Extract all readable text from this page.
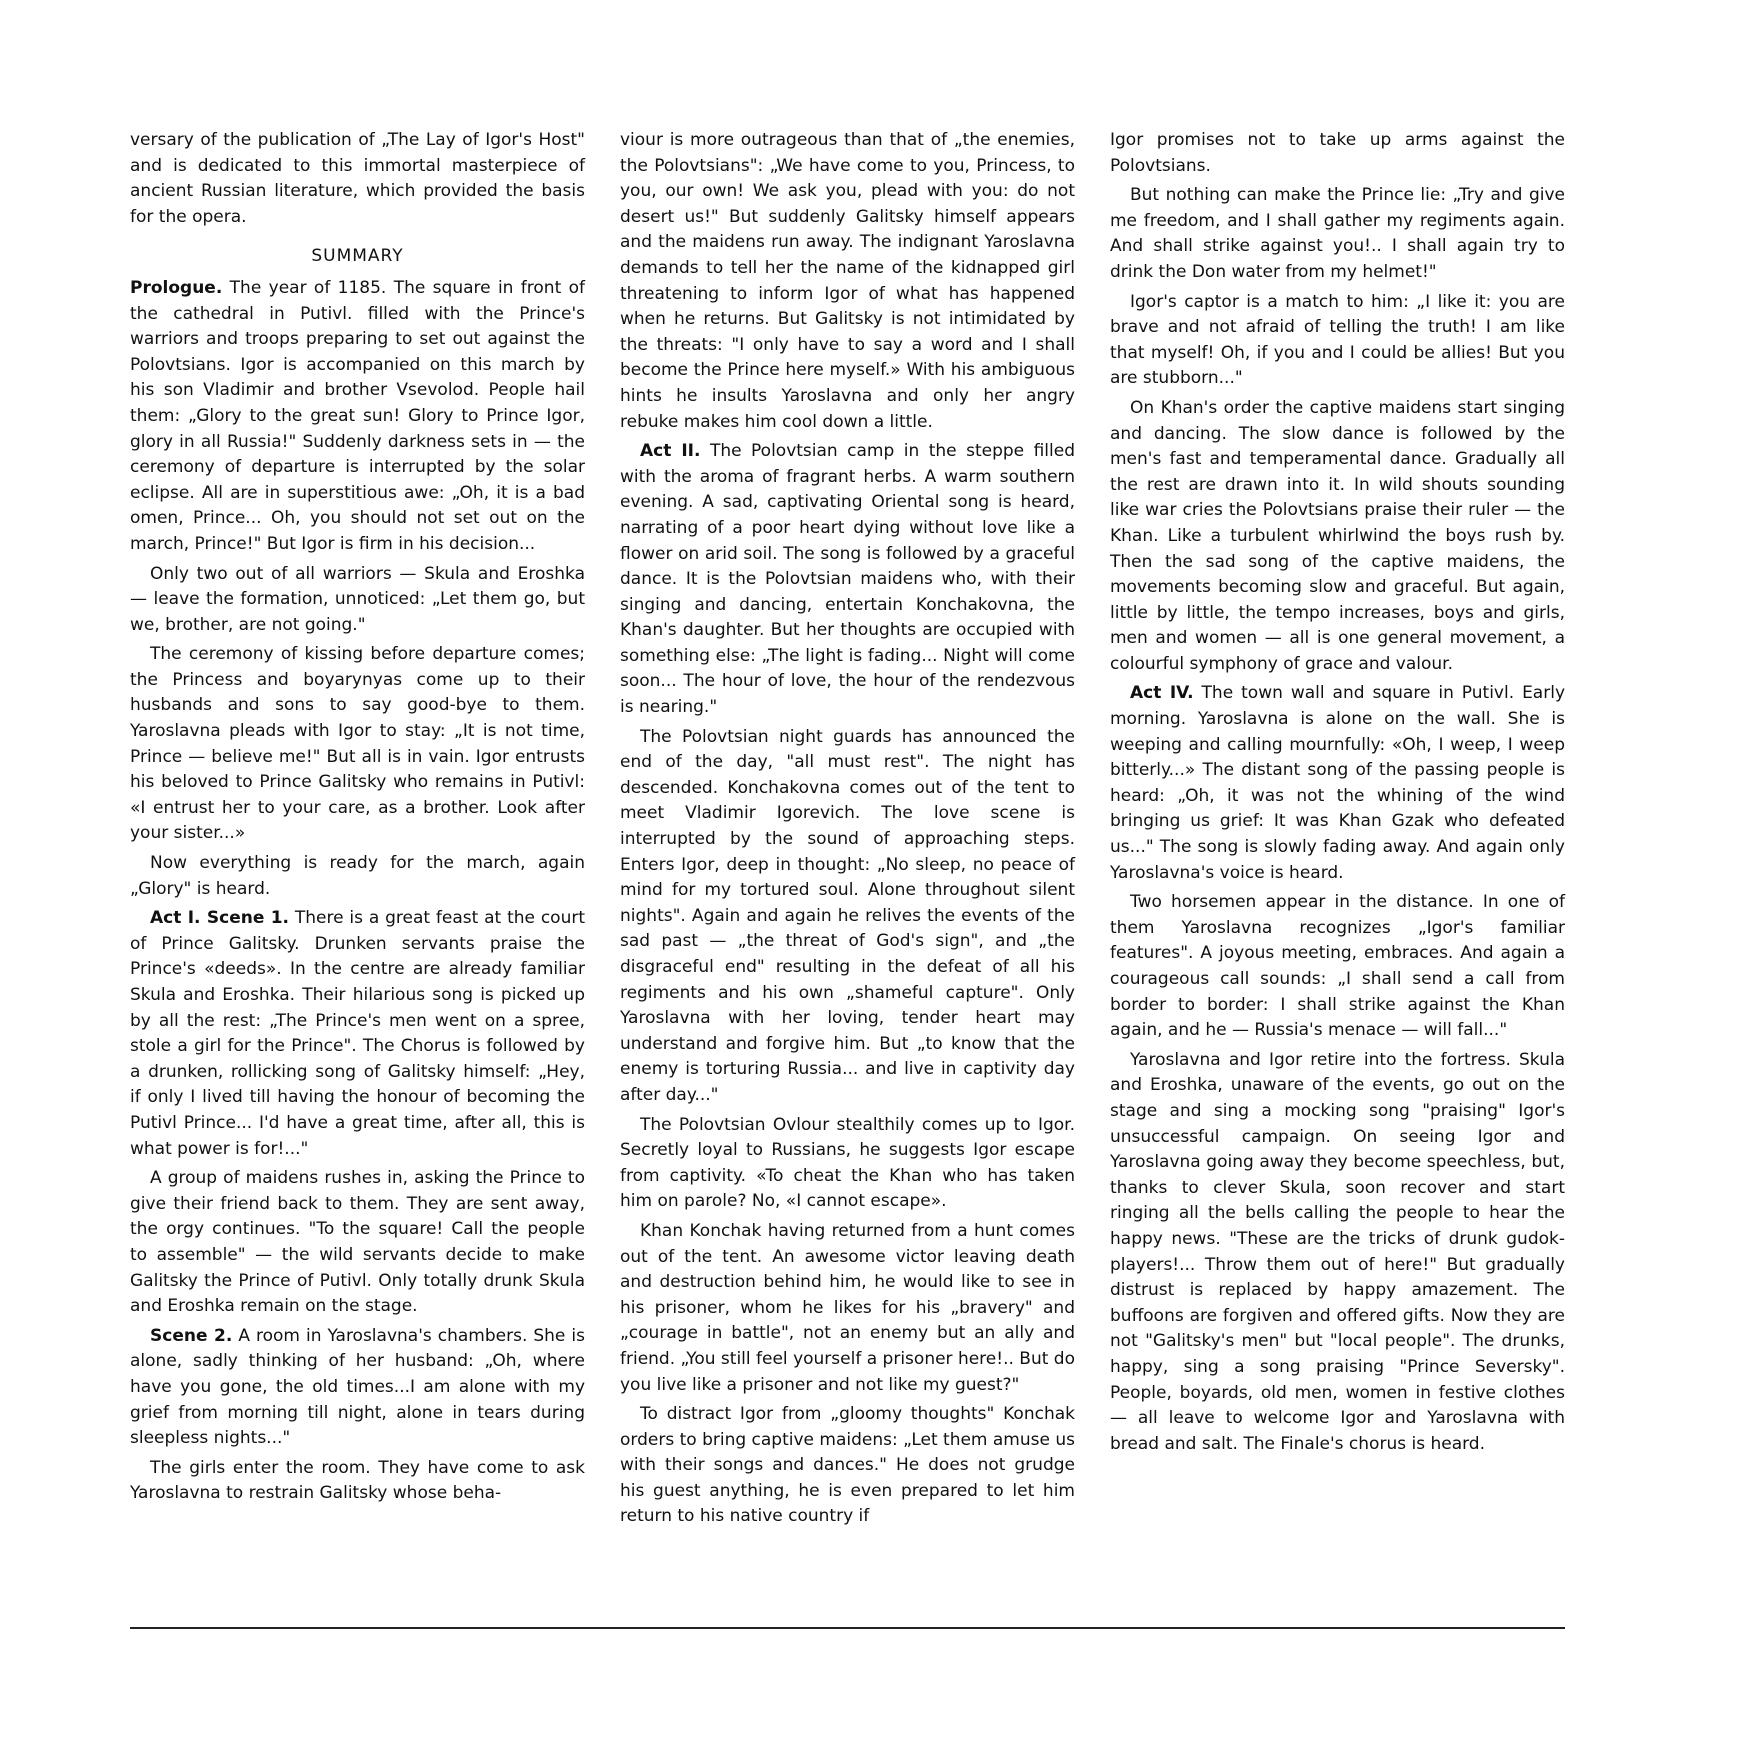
versary of the publication of „The Lay of Igor's Host" and is dedicated to this immortal masterpiece of ancient Russian literature, which provided the basis for the opera.

SUMMARY

Prologue. The year of 1185. The square in front of the cathedral in Putivl. filled with the Prince's warriors and troops preparing to set out against the Polovtsians. Igor is accompanied on this march by his son Vladimir and brother Vsevolod. People hail them: „Glory to the great sun! Glory to Prince Igor, glory in all Russia!" Suddenly darkness sets in — the ceremony of departure is interrupted by the solar eclipse. All are in superstitious awe: „Oh, it is a bad omen, Prince... Oh, you should not set out on the march, Prince!" But Igor is firm in his decision...

Only two out of all warriors — Skula and Eroshka — leave the formation, unnoticed: „Let them go, but we, brother, are not going."

The ceremony of kissing before departure comes; the Princess and boyarynyas come up to their husbands and sons to say good-bye to them. Yaroslavna pleads with Igor to stay: „It is not time, Prince — believe me!" But all is in vain. Igor entrusts his beloved to Prince Galitsky who remains in Putivl: «I entrust her to your care, as a brother. Look after your sister...»

Now everything is ready for the march, again „Glory" is heard.

Act I. Scene 1. There is a great feast at the court of Prince Galitsky. Drunken servants praise the Prince's «deeds». In the centre are already familiar Skula and Eroshka. Their hilarious song is picked up by all the rest: „The Prince's men went on a spree, stole a girl for the Prince". The Chorus is followed by a drunken, rollicking song of Galitsky himself: „Hey, if only I lived till having the honour of becoming the Putivl Prince... I'd have a great time, after all, this is what power is for!..."

A group of maidens rushes in, asking the Prince to give their friend back to them. They are sent away, the orgy continues. "To the square! Call the people to assemble" — the wild servants decide to make Galitsky the Prince of Putivl. Only totally drunk Skula and Eroshka remain on the stage.

Scene 2. A room in Yaroslavna's chambers. She is alone, sadly thinking of her husband: „Oh, where have you gone, the old times...I am alone with my grief from morning till night, alone in tears during sleepless nights..."

The girls enter the room. They have come to ask Yaroslavna to restrain Galitsky whose beha-

viour is more outrageous than that of „the enemies, the Polovtsians": „We have come to you, Princess, to you, our own! We ask you, plead with you: do not desert us!" But suddenly Galitsky himself appears and the maidens run away. The indignant Yaroslavna demands to tell her the name of the kidnapped girl threatening to inform Igor of what has happened when he returns. But Galitsky is not intimidated by the threats: "I only have to say a word and I shall become the Prince here myself.» With his ambiguous hints he insults Yaroslavna and only her angry rebuke makes him cool down a little.

Act II. The Polovtsian camp in the steppe filled with the aroma of fragrant herbs. A warm southern evening. A sad, captivating Oriental song is heard, narrating of a poor heart dying without love like a flower on arid soil. The song is followed by a graceful dance. It is the Polovtsian maidens who, with their singing and dancing, entertain Konchakovna, the Khan's daughter. But her thoughts are occupied with something else: „The light is fading... Night will come soon... The hour of love, the hour of the rendezvous is nearing."

The Polovtsian night guards has announced the end of the day, "all must rest". The night has descended. Konchakovna comes out of the tent to meet Vladimir Igorevich. The love scene is interrupted by the sound of approaching steps. Enters Igor, deep in thought: „No sleep, no peace of mind for my tortured soul. Alone throughout silent nights". Again and again he relives the events of the sad past — „the threat of God's sign", and „the disgraceful end" resulting in the defeat of all his regiments and his own „shameful capture". Only Yaroslavna with her loving, tender heart may understand and forgive him. But „to know that the enemy is torturing Russia... and live in captivity day after day..."

The Polovtsian Ovlour stealthily comes up to Igor. Secretly loyal to Russians, he suggests Igor escape from captivity. «To cheat the Khan who has taken him on parole? No, «I cannot escape».

Khan Konchak having returned from a hunt comes out of the tent. An awesome victor leaving death and destruction behind him, he would like to see in his prisoner, whom he likes for his „bravery" and „courage in battle", not an enemy but an ally and friend. „You still feel yourself a prisoner here!.. But do you live like a prisoner and not like my guest?"

To distract Igor from „gloomy thoughts" Konchak orders to bring captive maidens: „Let them amuse us with their songs and dances." He does not grudge his guest anything, he is even prepared to let him return to his native country if

Igor promises not to take up arms against the Polovtsians.

But nothing can make the Prince lie: „Try and give me freedom, and I shall gather my regiments again. And shall strike against you!.. I shall again try to drink the Don water from my helmet!"

Igor's captor is a match to him: „I like it: you are brave and not afraid of telling the truth! I am like that myself! Oh, if you and I could be allies! But you are stubborn..."

On Khan's order the captive maidens start singing and dancing. The slow dance is followed by the men's fast and temperamental dance. Gradually all the rest are drawn into it. In wild shouts sounding like war cries the Polovtsians praise their ruler — the Khan. Like a turbulent whirlwind the boys rush by. Then the sad song of the captive maidens, the movements becoming slow and graceful. But again, little by little, the tempo increases, boys and girls, men and women — all is one general movement, a colourful symphony of grace and valour.

Act IV. The town wall and square in Putivl. Early morning. Yaroslavna is alone on the wall. She is weeping and calling mournfully: «Oh, I weep, I weep bitterly...» The distant song of the passing people is heard: „Oh, it was not the whining of the wind bringing us grief: It was Khan Gzak who defeated us..." The song is slowly fading away. And again only Yaroslavna's voice is heard.

Two horsemen appear in the distance. In one of them Yaroslavna recognizes „Igor's familiar features". A joyous meeting, embraces. And again a courageous call sounds: „I shall send a call from border to border: I shall strike against the Khan again, and he — Russia's menace — will fall..."

Yaroslavna and Igor retire into the fortress. Skula and Eroshka, unaware of the events, go out on the stage and sing a mocking song "praising" Igor's unsuccessful campaign. On seeing Igor and Yaroslavna going away they become speechless, but, thanks to clever Skula, soon recover and start ringing all the bells calling the people to hear the happy news. "These are the tricks of drunk gudok-players!... Throw them out of here!" But gradually distrust is replaced by happy amazement. The buffoons are forgiven and offered gifts. Now they are not "Galitsky's men" but "local people". The drunks, happy, sing a song praising "Prince Seversky". People, boyards, old men, women in festive clothes — all leave to welcome Igor and Yaroslavna with bread and salt. The Finale's chorus is heard.
